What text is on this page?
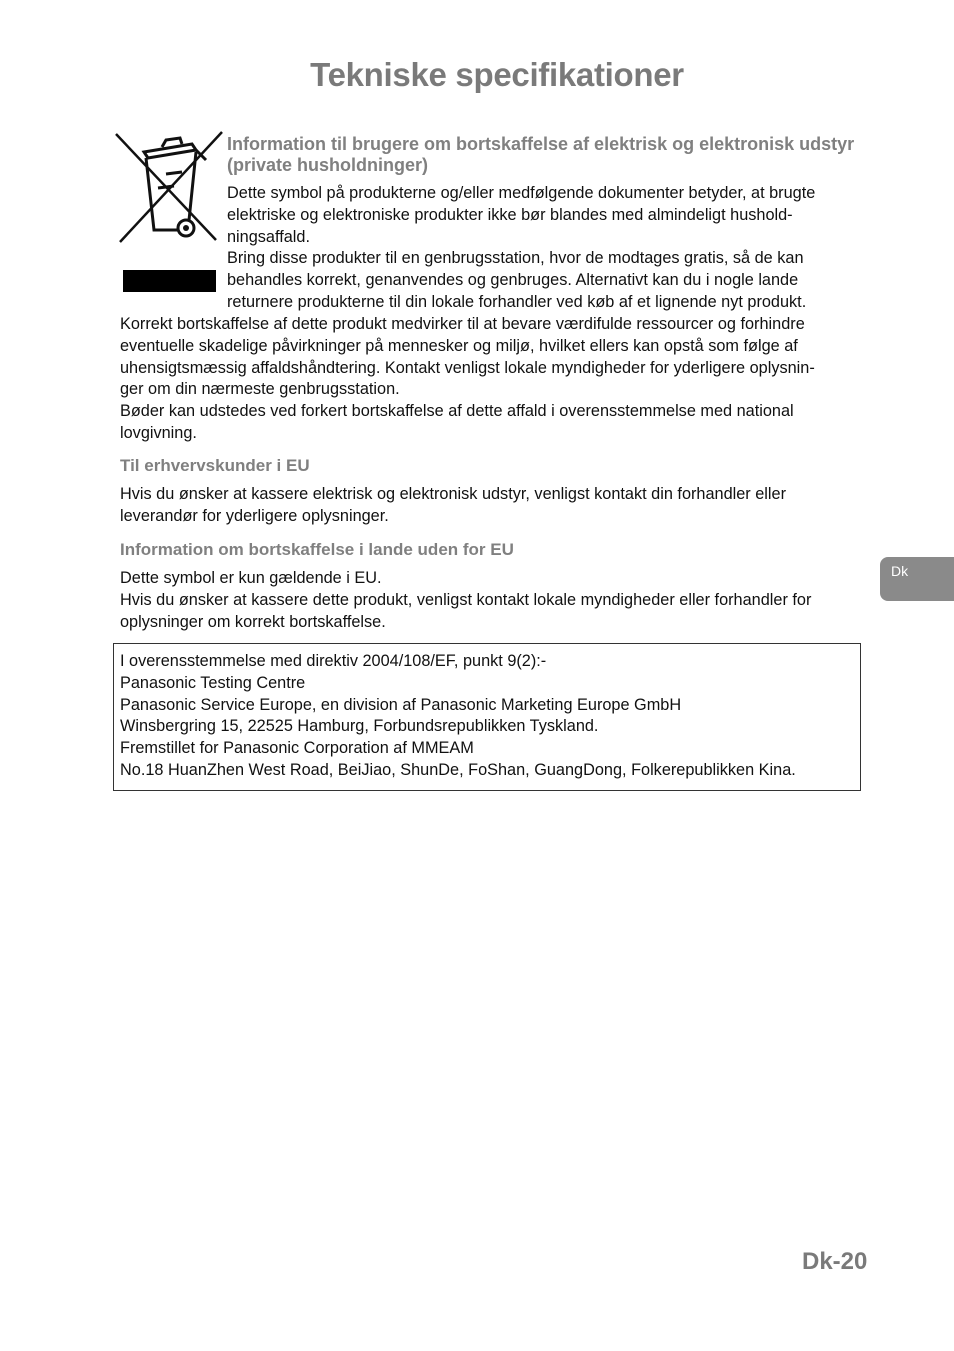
Tekniske specifikationer
Information til brugere om bortskaffelse af elektrisk og elektronisk udstyr (private husholdninger)
Dette symbol på produkterne og/eller medfølgende dokumenter betyder, at brugte
elektriske og elektroniske produkter ikke bør blandes med almindeligt hushold-
ningsaffald.
Bring disse produkter til en genbrugsstation, hvor de modtages gratis, så de kan
behandles korrekt, genanvendes og genbruges. Alternativt kan du i nogle lande
returnere produkterne til din lokale forhandler ved køb af et lignende nyt produkt.
Korrekt bortskaffelse af dette produkt medvirker til at bevare værdifulde ressourcer og forhindre
eventuelle skadelige påvirkninger på mennesker og miljø, hvilket ellers kan opstå som følge af
uhensigtsmæssig affaldshåndtering. Kontakt venligst lokale myndigheder for yderligere oplysnin-
ger om din nærmeste genbrugsstation.
Bøder kan udstedes ved forkert bortskaffelse af dette affald i overensstemmelse med national
lovgivning.
Til erhvervskunder i EU
Hvis du ønsker at kassere elektrisk og elektronisk udstyr, venligst kontakt din forhandler eller
leverandør for yderligere oplysninger.
Information om bortskaffelse i lande uden for EU
Dette symbol er kun gældende i EU.
Hvis du ønsker at kassere dette produkt, venligst kontakt lokale myndigheder eller forhandler for
oplysninger om korrekt bortskaffelse.
I overensstemmelse med direktiv 2004/108/EF, punkt 9(2):-
Panasonic Testing Centre
Panasonic Service Europe, en division af Panasonic Marketing Europe GmbH
Winsbergring 15, 22525 Hamburg, Forbundsrepublikken Tyskland.
Fremstillet for Panasonic Corporation af MMEAM
No.18 HuanZhen West Road, BeiJiao, ShunDe, FoShan, GuangDong, Folkerepublikken Kina.
Dk
Dk-20
